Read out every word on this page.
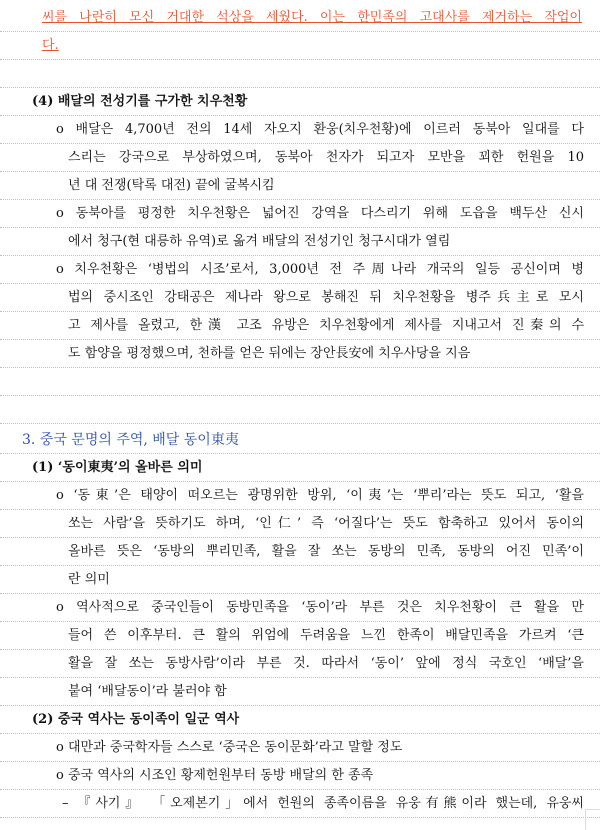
씨를 나란히 모신 거대한 석상을 세웠다. 이는 한민족의 고대사를 제거하는 작업이
다.
(4) 배달의 전성기를 구가한 치우천황
o 배달은 4,700년 전의 14세 자오지 환웅(치우천황)에 이르러 동북아 일대를 다
스리는 강국으로 부상하였으며, 동북아 천자가 되고자 모반을 꾀한 헌원을 10
년 대 전쟁(탁록 대전) 끝에 굴복시킴
o 동북아를 평정한 치우천황은 넓어진 강역을 다스리기 위해 도읍을 백두산 신시
에서 청구(현 대릉하 유역)로 옮겨 배달의 전성기인 청구시대가 열림
o 치우천황은 ‘병법의 시조’로서, 3,000년 전 주周나라 개국의 일등 공신이며 병
법의 중시조인 강태공은 제나라 왕으로 봉해진 뒤 치우천황을 병주兵主로 모시
고 제사를 올렸고, 한漢 고조 유방은 치우천황에게 제사를 지내고서 진秦의 수
도 함양을 평정했으며, 천하를 얻은 뒤에는 장안長安에 치우사당을 지음
3. 중국 문명의 주역, 배달 동이東夷
(1) ‘동이東夷’의 올바른 의미
o ‘동東’은 태양이 떠오르는 광명위한 방위, ‘이夷’는 ‘뿌리’라는 뜻도 되고, ‘활을
쏘는 사람’을 뜻하기도 하며, ‘인仁’ 즉 ‘어질다’는 뜻도 함축하고 있어서 동이의
올바른 뜻은 ‘동방의 뿌리민족, 활을 잘 쏘는 동방의 민족, 동방의 어진 민족’이
란 의미
o 역사적으로 중국인들이 동방민족을 ‘동이’라 부른 것은 치우천황이 큰 활을 만
들어 쓴 이후부터. 큰 활의 위엄에 두려움을 느낀 한족이 배달민족을 가르켜 ‘큰
활을 잘 쏘는 동방사람’이라 부른 것. 따라서 ‘동이’ 앞에 정식 국호인 ‘배달’을
붙여 ‘배달동이’라 불러야 함
(2) 중국 역사는 동이족이 일군 역사
o 대만과 중국학자들 스스로 ‘중국은 동이문화’라고 말할 정도
o 중국 역사의 시조인 황제헌원부터 동방 배달의 한 종족
– 『사기』 「오제본기」에서 헌원의 종족이름을 유웅有熊이라 했는데, 유웅씨
